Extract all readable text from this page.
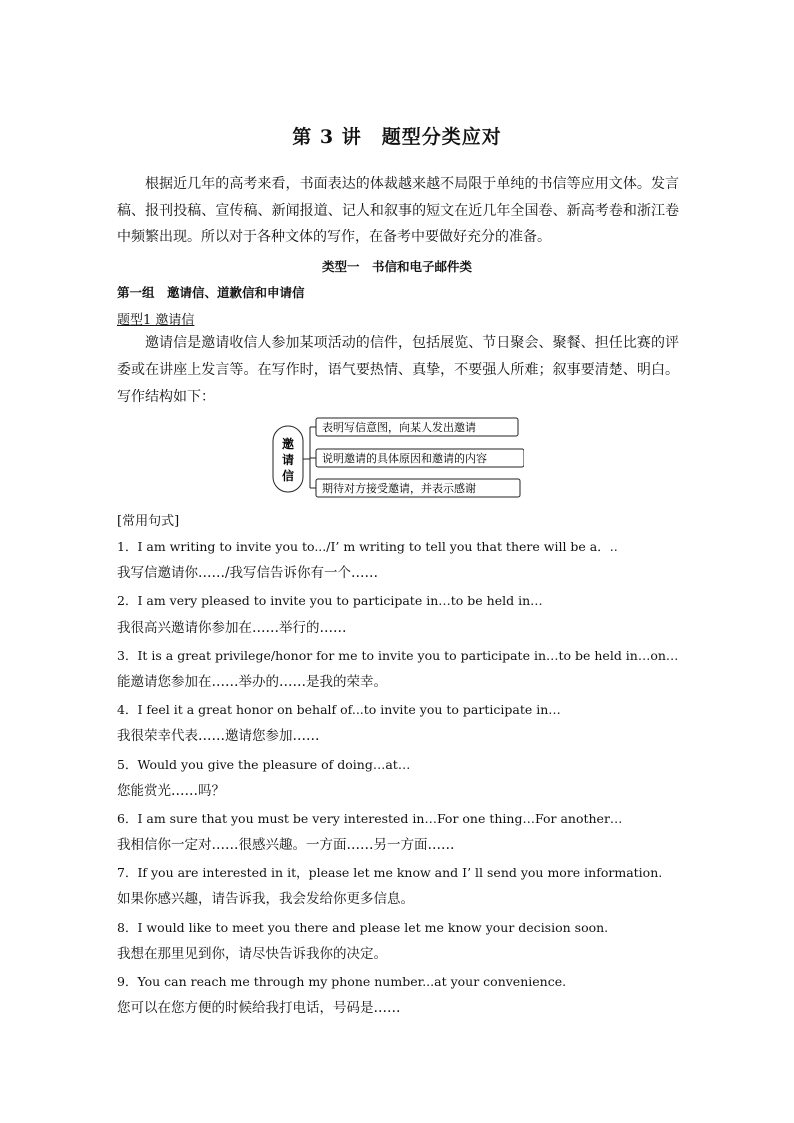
第 3 讲　题型分类应对

根据近几年的高考来看，书面表达的体裁越来越不局限于单纯的书信等应用文体。发言稿、报刊投稿、宣传稿、新闻报道、记人和叙事的短文在近几年全国卷、新高考卷和浙江卷中频繁出现。所以对于各种文体的写作，在备考中要做好充分的准备。

类型一　书信和电子邮件类
第一组　邀请信、道歉信和申请信
题型1 邀请信

邀请信是邀请收信人参加某项活动的信件，包括展览、节日聚会、聚餐、担任比赛的评委或在讲座上发言等。在写作时，语气要热情、真挚，不要强人所难；叙事要清楚、明白。写作结构如下：

邀
请
信
表明写信意图，向某人发出邀请
说明邀请的具体原因和邀请的内容
期待对方接受邀请，并表示感谢
[常用句式]
1．I am writing to invite you to.../I’ m writing to tell you that there will be a．..
我写信邀请你……/我写信告诉你有一个……
2．I am very pleased to invite you to participate in…to be held in…
我很高兴邀请你参加在……举行的……
3．It is a great privilege/honor for me to invite you to participate in…to be held in…on…
能邀请您参加在……举办的……是我的荣幸。
4．I feel it a great honor on behalf of...to invite you to participate in…
我很荣幸代表……邀请您参加……
5．Would you give the pleasure of doing…at…
您能赏光……吗？
6．I am sure that you must be very interested in…For one thing…For another…
我相信你一定对……很感兴趣。一方面……另一方面……
7．If you are interested in it，please let me know and I’ ll send you more information.
如果你感兴趣，请告诉我，我会发给你更多信息。
8．I would like to meet you there and please let me know your decision soon.
我想在那里见到你，请尽快告诉我你的决定。
9．You can reach me through my phone number...at your convenience.
您可以在您方便的时候给我打电话，号码是……
